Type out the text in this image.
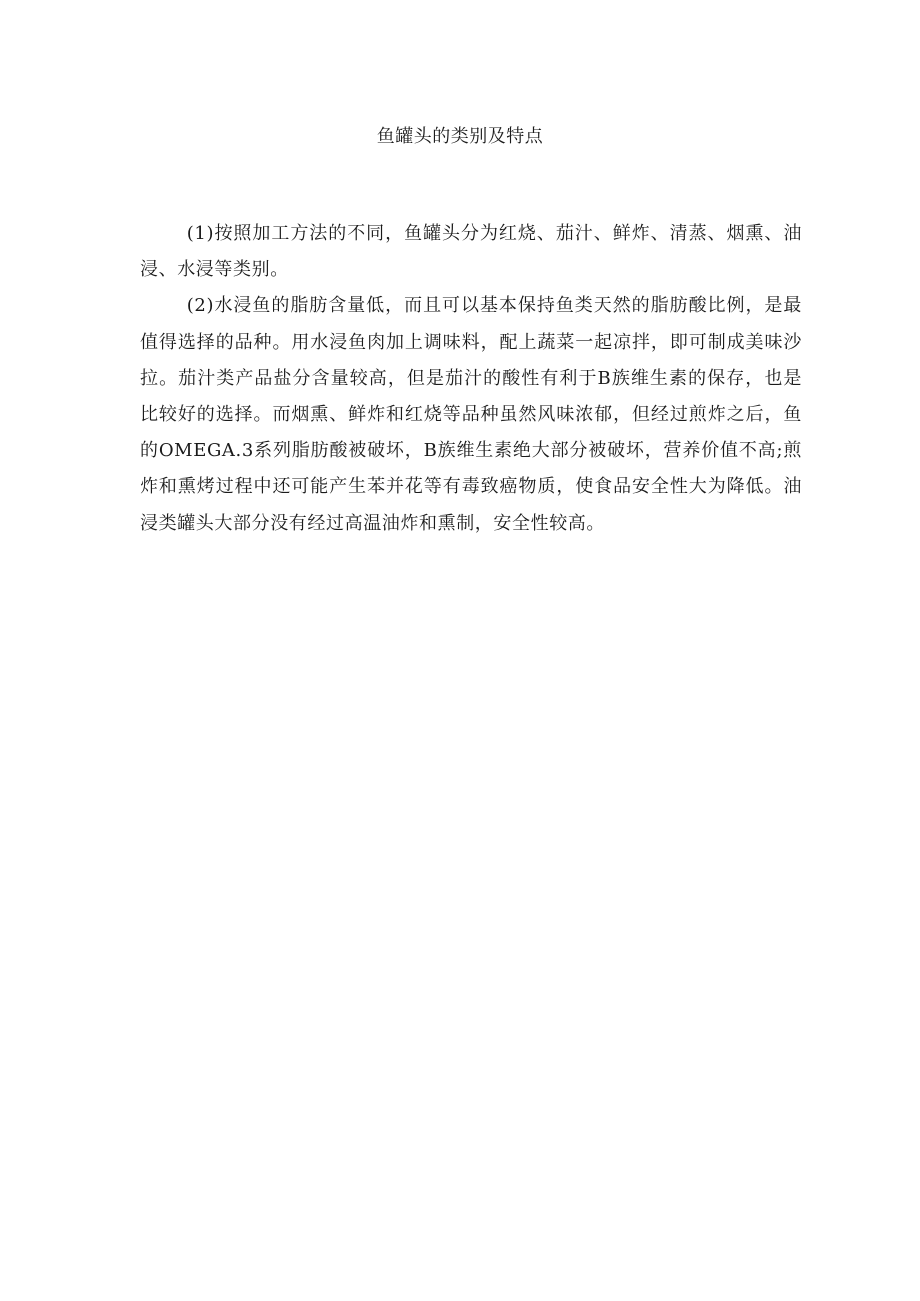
鱼罐头的类别及特点

(1)按照加工方法的不同，鱼罐头分为红烧、茄汁、鲜炸、清蒸、烟熏、油浸、水浸等类别。

(2)水浸鱼的脂肪含量低，而且可以基本保持鱼类天然的脂肪酸比例，是最值得选择的品种。用水浸鱼肉加上调味料，配上蔬菜一起凉拌，即可制成美味沙拉。茄汁类产品盐分含量较高，但是茄汁的酸性有利于B族维生素的保存，也是比较好的选择。而烟熏、鲜炸和红烧等品种虽然风味浓郁，但经过煎炸之后，鱼的OMEGA.3系列脂肪酸被破坏，B族维生素绝大部分被破坏，营养价值不高;煎炸和熏烤过程中还可能产生苯并花等有毒致癌物质，使食品安全性大为降低。油浸类罐头大部分没有经过高温油炸和熏制，安全性较高。
